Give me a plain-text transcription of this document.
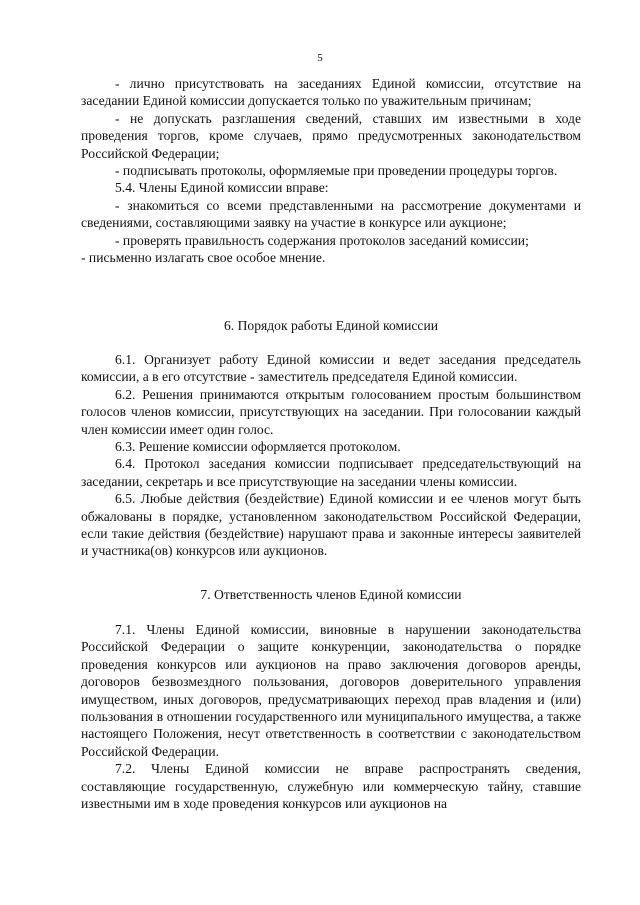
5

- лично присутствовать на заседаниях Единой комиссии, отсутствие на заседании Единой комиссии допускается только по уважительным причинам;

- не допускать разглашения сведений, ставших им известными в ходе проведения торгов, кроме случаев, прямо предусмотренных законодательством Российской Федерации;

- подписывать протоколы, оформляемые при проведении процедуры торгов.

5.4. Члены Единой комиссии вправе:

- знакомиться со всеми представленными на рассмотрение документами и сведениями, составляющими заявку на участие в конкурсе или аукционе;

- проверять правильность содержания протоколов заседаний комиссии;

- письменно излагать свое особое мнение.

6. Порядок работы Единой комиссии

6.1. Организует работу Единой комиссии и ведет заседания председатель комиссии, а в его отсутствие - заместитель председателя Единой комиссии.

6.2. Решения принимаются открытым голосованием простым большинством голосов членов комиссии, присутствующих на заседании. При голосовании каждый член комиссии имеет один голос.

6.3. Решение комиссии оформляется протоколом.

6.4. Протокол заседания комиссии подписывает председательствующий на заседании, секретарь и все присутствующие на заседании члены комиссии.

6.5. Любые действия (бездействие) Единой комиссии и ее членов могут быть обжалованы в порядке, установленном законодательством Российской Федерации, если такие действия (бездействие) нарушают права и законные интересы заявителей и участника(ов) конкурсов или аукционов.

7. Ответственность членов Единой комиссии

7.1. Члены Единой комиссии, виновные в нарушении законодательства Российской Федерации о защите конкуренции, законодательства о порядке проведения конкурсов или аукционов на право заключения договоров аренды, договоров безвозмездного пользования, договоров доверительного управления имуществом, иных договоров, предусматривающих переход прав владения и (или) пользования в отношении государственного или муниципального имущества, а также настоящего Положения, несут ответственность в соответствии с законодательством Российской Федерации.

7.2. Члены Единой комиссии не вправе распространять сведения, составляющие государственную, служебную или коммерческую тайну, ставшие известными им в ходе проведения конкурсов или аукционов на
